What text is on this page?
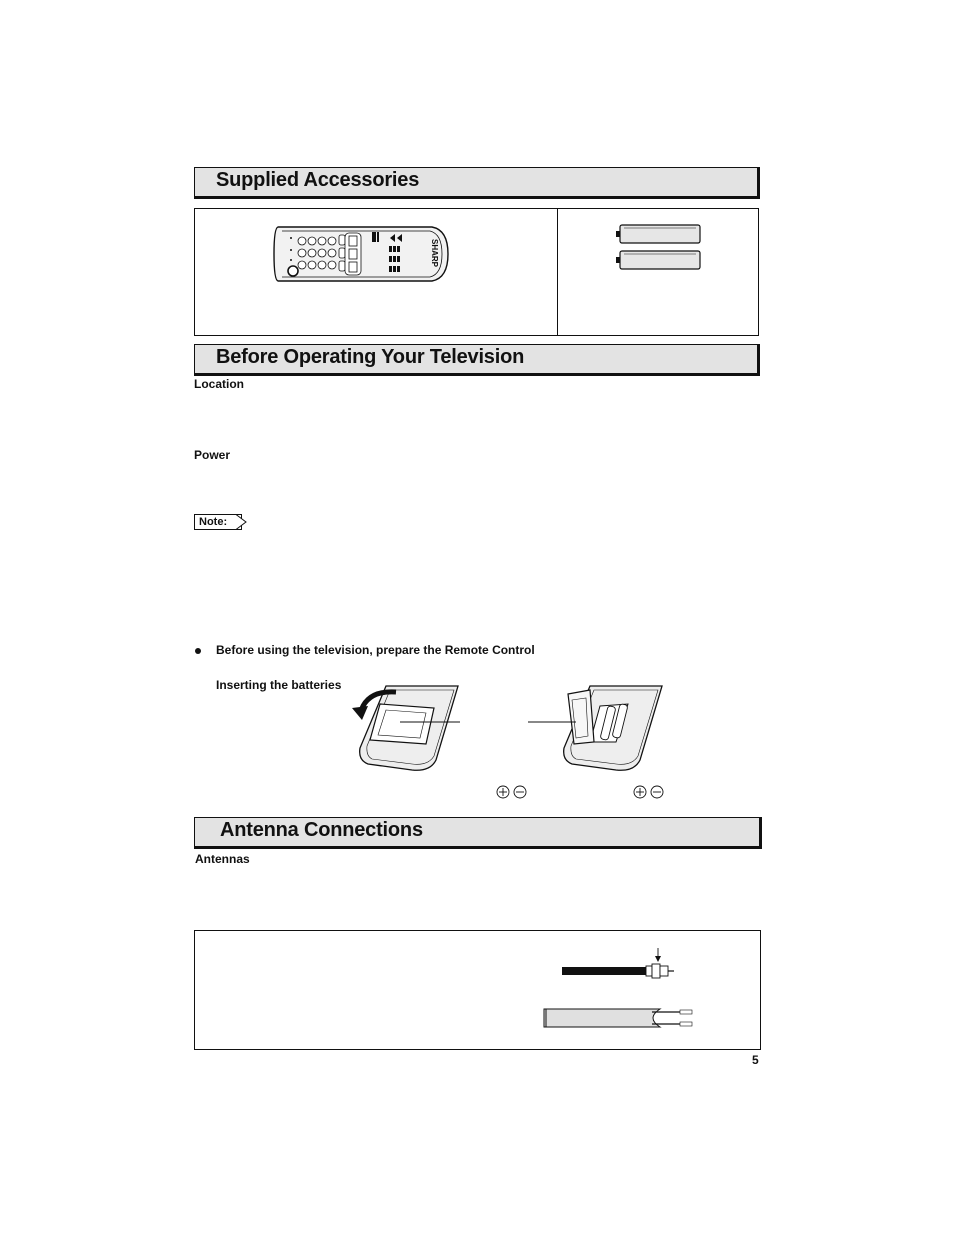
Supplied Accessories
SHARP
Before Operating Your Television
Location
Power
Note:
Before using the television, prepare the Remote Control
Inserting the batteries
Antenna Connections
Antennas
5
